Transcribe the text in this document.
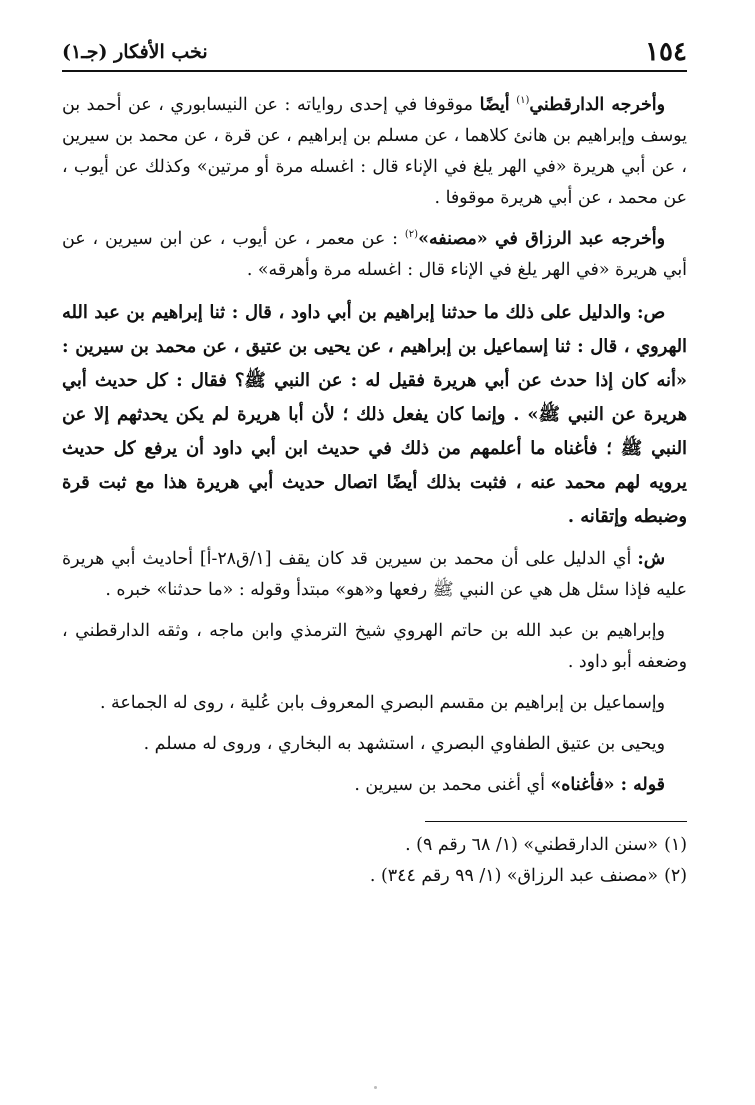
١٥٤
نخب الأفكار (جـ١)

وأخرجه الدارقطني$^{(١)}$ أيضًا موقوفا في إحدى رواياته : عن النيسابوري ، عن أحمد بن يوسف وإبراهيم بن هانئ كلاهما ، عن مسلم بن إبراهيم ، عن قرة ، عن محمد بن سيرين ، عن أبي هريرة «في الهر يلغ في الإناء قال : اغسله مرة أو مرتين» وكذلك عن أيوب ، عن محمد ، عن أبي هريرة موقوفا .

وأخرجه عبد الرزاق في «مصنفه»$^{(٢)}$ : عن معمر ، عن أيوب ، عن ابن سيرين ، عن أبي هريرة «في الهر يلغ في الإناء قال : اغسله مرة وأهرقه» .

ص:والدليل على ذلك ما حدثنا إبراهيم بن أبي داود ، قال : ثنا إبراهيم بن عبد الله الهروي ، قال : ثنا إسماعيل بن إبراهيم ، عن يحيى بن عتيق ، عن محمد بن سيرين : «أنه كان إذا حدث عن أبي هريرة فقيل له : عن النبي ﷺ؟ فقال : كل حديث أبي هريرة عن النبي ﷺ» . وإنما كان يفعل ذلك ؛ لأن أبا هريرة لم يكن يحدثهم إلا عن النبي ﷺ ؛ فأغناه ما أعلمهم من ذلك في حديث ابن أبي داود أن يرفع كل حديث يرويه لهم محمد عنه ، فثبت بذلك أيضًا اتصال حديث أبي هريرة هذا مع ثبت قرة وضبطه وإتقانه .

ش:أي الدليل على أن محمد بن سيرين قد كان يقف [١/ق٢٨-أ] أحاديث أبي هريرة عليه فإذا سئل هل هي عن النبي ﷺ رفعها و«هو» مبتدأ وقوله : «ما حدثنا» خبره .

وإبراهيم بن عبد الله بن حاتم الهروي شيخ الترمذي وابن ماجه ، وثقه الدارقطني ، وضعفه أبو داود .

وإسماعيل بن إبراهيم بن مقسم البصري المعروف بابن عُلية ، روى له الجماعة .

ويحيى بن عتيق الطفاوي البصري ، استشهد به البخاري ، وروى له مسلم .

قوله : «فأغناه» أي أغنى محمد بن سيرين .

(١)«سنن الدارقطني» (١/ ٦٨ رقم ٩) .

(٢)«مصنف عبد الرزاق» (١/ ٩٩ رقم ٣٤٤) .
